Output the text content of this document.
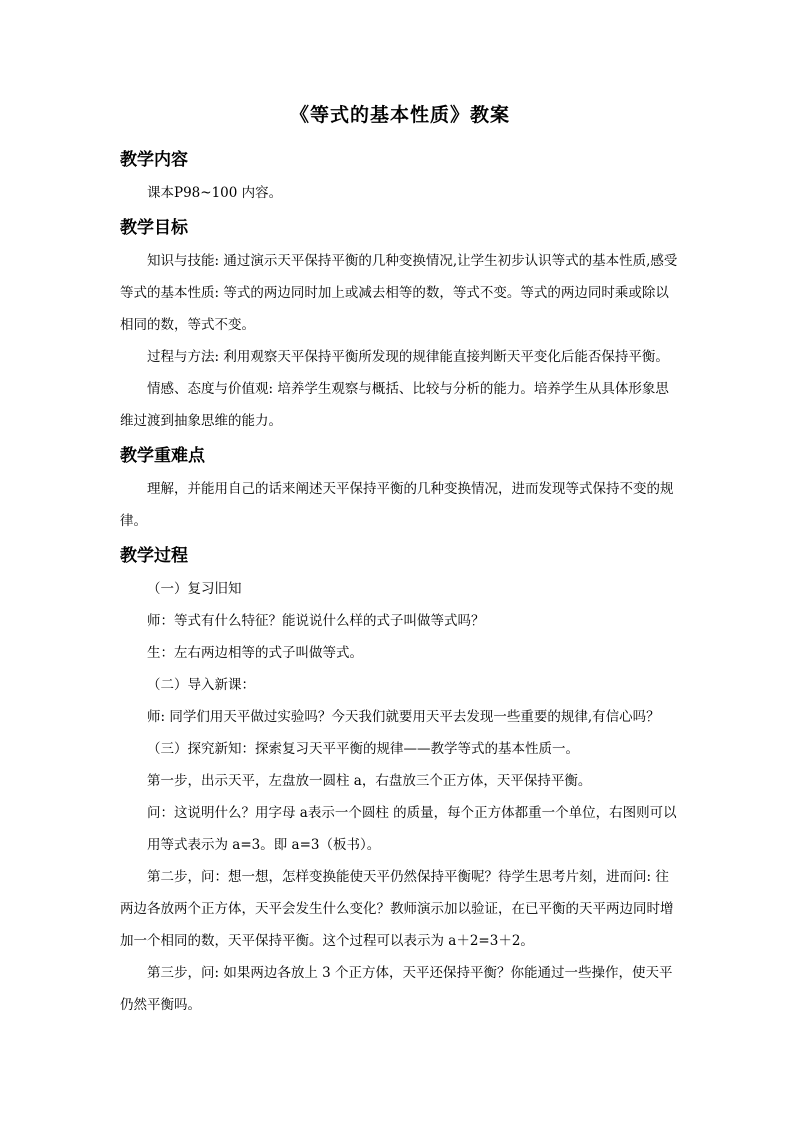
《等式的基本性质》教案
教学内容

课本P98~100 内容。

教学目标

知识与技能: 通过演示天平保持平衡的几种变换情况,让学生初步认识等式的基本性质,感受等式的基本性质: 等式的两边同时加上或减去相等的数，等式不变。等式的两边同时乘或除以相同的数，等式不变。

过程与方法: 利用观察天平保持平衡所发现的规律能直接判断天平变化后能否保持平衡。

情感、态度与价值观: 培养学生观察与概括、比较与分析的能力。培养学生从具体形象思维过渡到抽象思维的能力。

教学重难点

理解，并能用自己的话来阐述天平保持平衡的几种变换情况，进而发现等式保持不变的规律。

教学过程

（一）复习旧知

师：等式有什么特征？能说说什么样的式子叫做等式吗？

生：左右两边相等的式子叫做等式。

（二）导入新课：

师: 同学们用天平做过实验吗？今天我们就要用天平去发现一些重要的规律,有信心吗？

（三）探究新知：探索复习天平平衡的规律——教学等式的基本性质一。

第一步，出示天平，左盘放一圆柱 a，右盘放三个正方体，天平保持平衡。

问：这说明什么？用字母 a表示一个圆柱 的质量，每个正方体都重一个单位，右图则可以用等式表示为 a=3。即 a=3（板书）。

第二步，问：想一想，怎样变换能使天平仍然保持平衡呢？待学生思考片刻，进而问: 往两边各放两个正方体，天平会发生什么变化？教师演示加以验证，在已平衡的天平两边同时增加一个相同的数，天平保持平衡。这个过程可以表示为 a＋2=3＋2。

第三步，问: 如果两边各放上 3 个正方体，天平还保持平衡？你能通过一些操作，使天平仍然平衡吗。
